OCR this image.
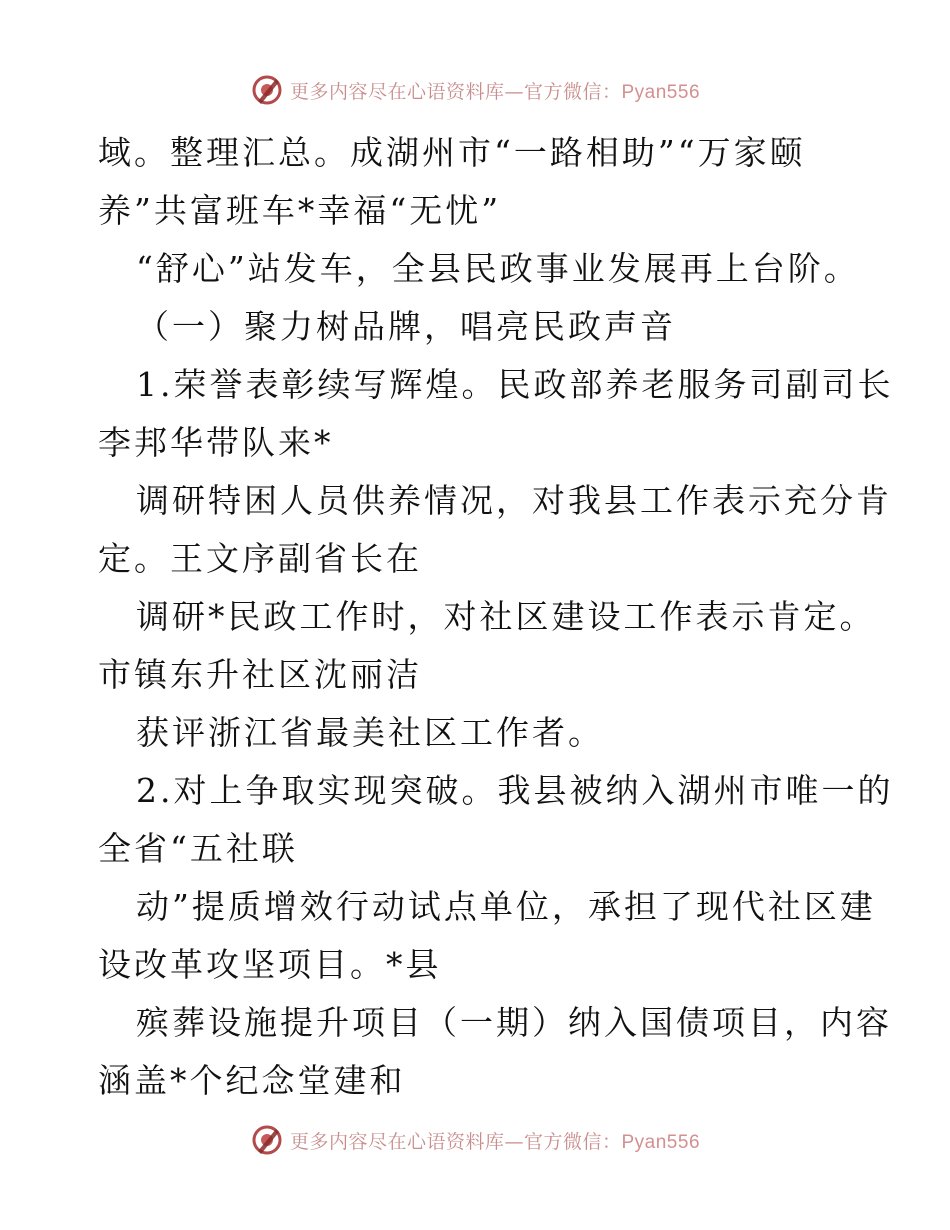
更多内容尽在心语资料库—官方微信：Pyan556
域。整理汇总。成湖州市“一路相助”“万家颐
养”共富班车*幸福“无忧”
“舒心”站发车，全县民政事业发展再上台阶。
（一）聚力树品牌，唱亮民政声音
1.荣誉表彰续写辉煌。民政部养老服务司副司长
李邦华带队来*
调研特困人员供养情况，对我县工作表示充分肯
定。王文序副省长在
调研*民政工作时，对社区建设工作表示肯定。
市镇东升社区沈丽洁
获评浙江省最美社区工作者。
2.对上争取实现突破。我县被纳入湖州市唯一的
全省“五社联
动”提质增效行动试点单位，承担了现代社区建
设改革攻坚项目。*县
殡葬设施提升项目（一期）纳入国债项目，内容
涵盖*个纪念堂建和
更多内容尽在心语资料库—官方微信：Pyan556
